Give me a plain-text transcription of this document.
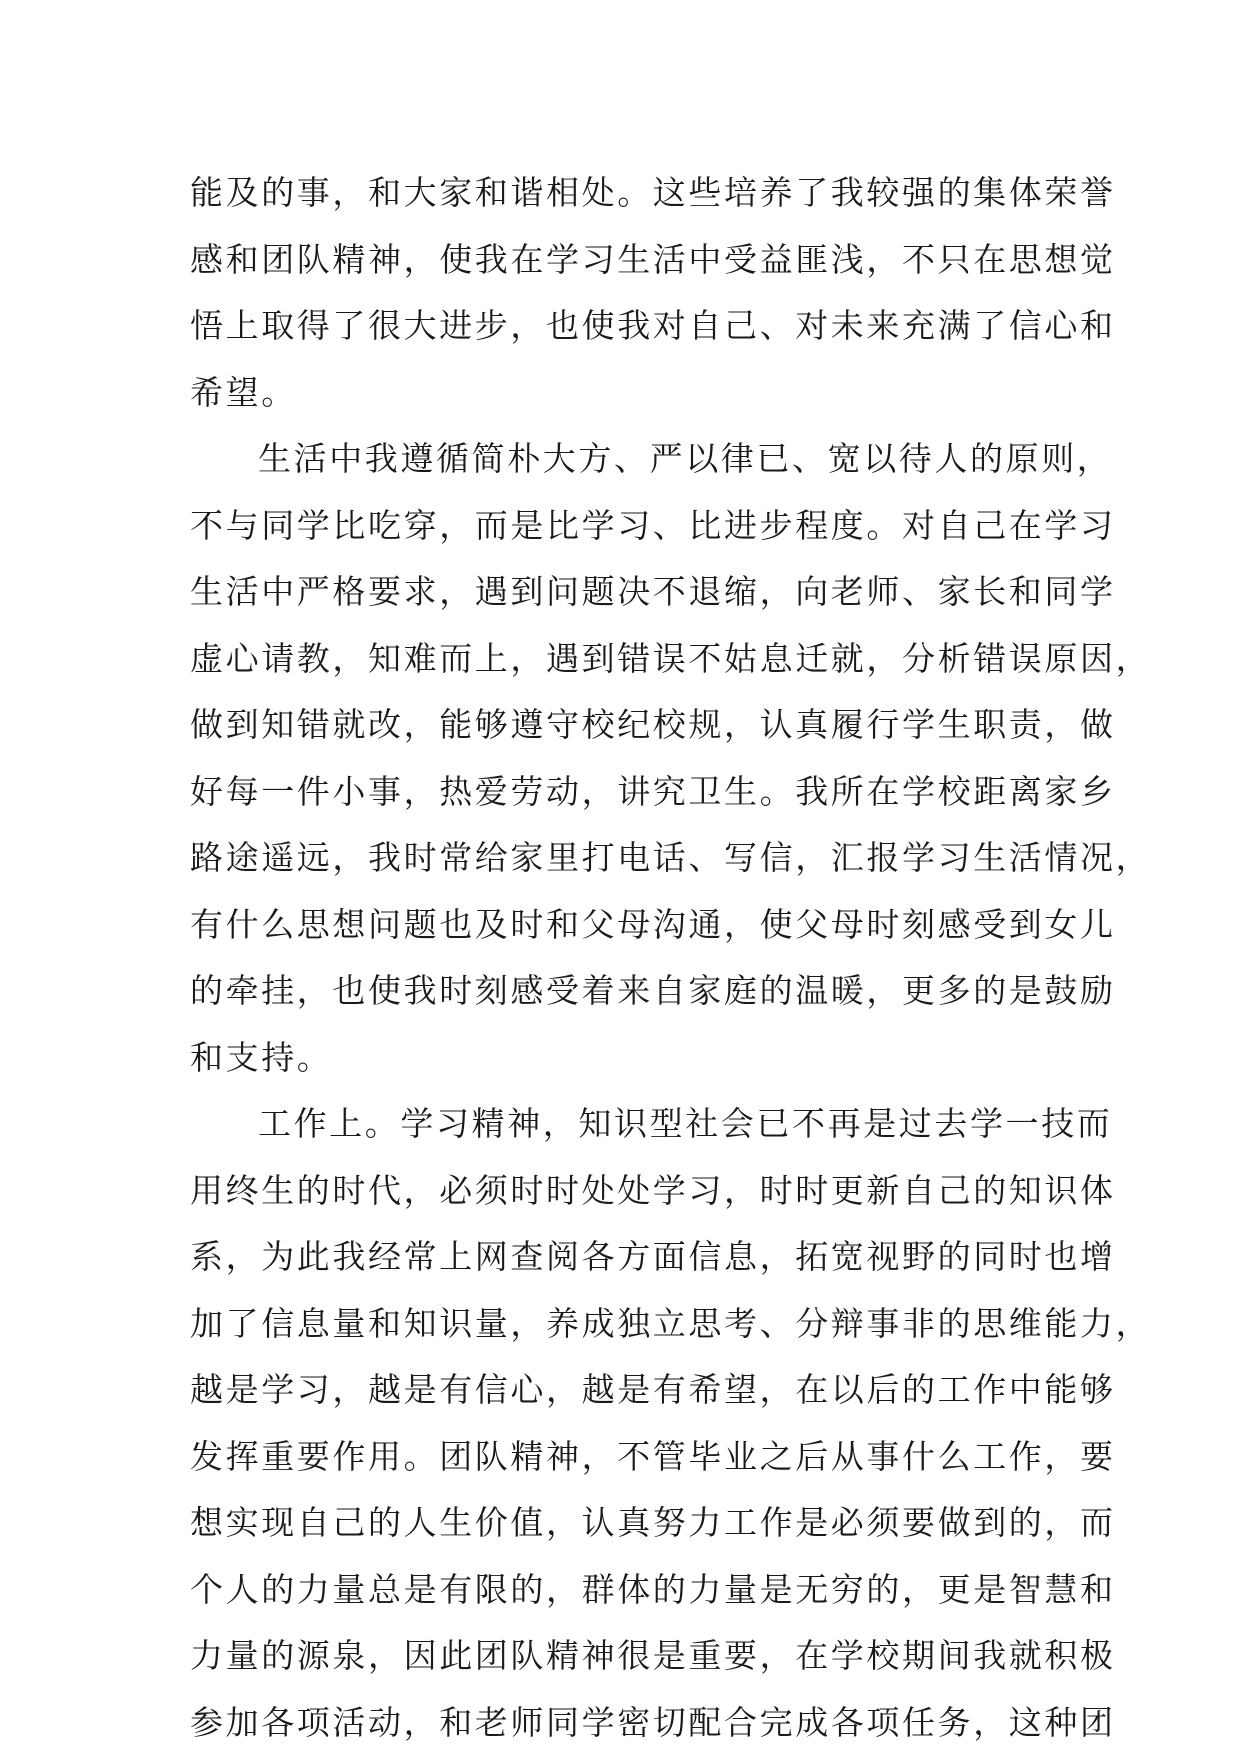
能及的事，和大家和谐相处。这些培养了我较强的集体荣誉
感和团队精神，使我在学习生活中受益匪浅，不只在思想觉
悟上取得了很大进步，也使我对自己、对未来充满了信心和
希望。
生活中我遵循简朴大方、严以律已、宽以待人的原则，
不与同学比吃穿，而是比学习、比进步程度。对自己在学习
生活中严格要求，遇到问题决不退缩，向老师、家长和同学
虚心请教，知难而上，遇到错误不姑息迁就，分析错误原因，
做到知错就改，能够遵守校纪校规，认真履行学生职责，做
好每一件小事，热爱劳动，讲究卫生。我所在学校距离家乡
路途遥远，我时常给家里打电话、写信，汇报学习生活情况，
有什么思想问题也及时和父母沟通，使父母时刻感受到女儿
的牵挂，也使我时刻感受着来自家庭的温暖，更多的是鼓励
和支持。
工作上。学习精神，知识型社会已不再是过去学一技而
用终生的时代，必须时时处处学习，时时更新自己的知识体
系，为此我经常上网查阅各方面信息，拓宽视野的同时也增
加了信息量和知识量，养成独立思考、分辩事非的思维能力，
越是学习，越是有信心，越是有希望，在以后的工作中能够
发挥重要作用。团队精神，不管毕业之后从事什么工作，要
想实现自己的人生价值，认真努力工作是必须要做到的，而
个人的力量总是有限的，群体的力量是无穷的，更是智慧和
力量的源泉，因此团队精神很是重要，在学校期间我就积极
参加各项活动，和老师同学密切配合完成各项任务，这种团
